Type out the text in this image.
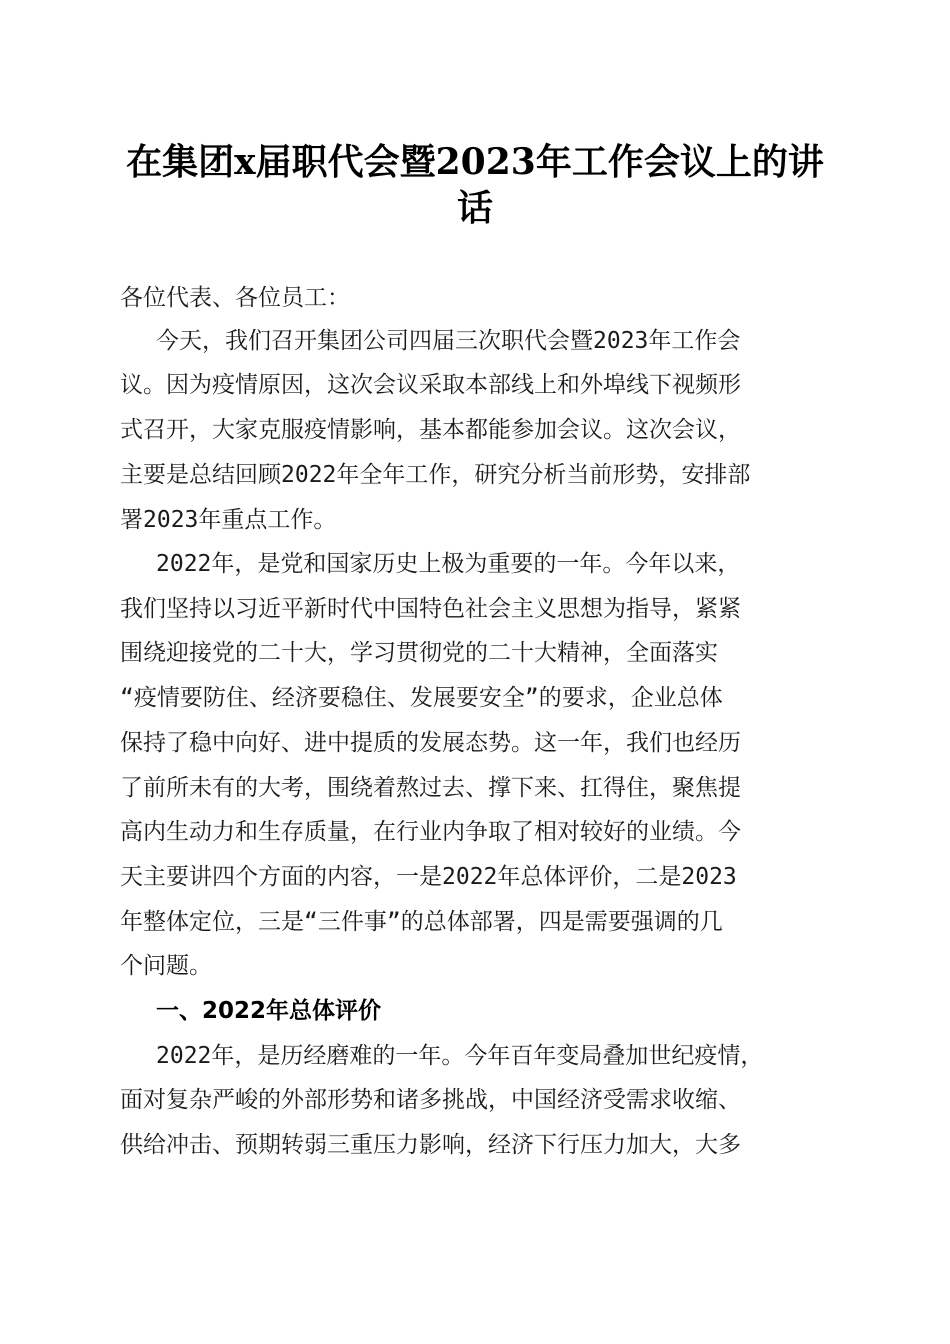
在集团x届职代会暨2023年工作会议上的讲
话

各位代表、各位员工：

今天，我们召开集团公司四届三次职代会暨2023年工作会

议。因为疫情原因，这次会议采取本部线上和外埠线下视频形

式召开，大家克服疫情影响，基本都能参加会议。这次会议，

主要是总结回顾2022年全年工作，研究分析当前形势，安排部

署2023年重点工作。

2022年，是党和国家历史上极为重要的一年。今年以来，

我们坚持以习近平新时代中国特色社会主义思想为指导，紧紧

围绕迎接党的二十大，学习贯彻党的二十大精神，全面落实

“疫情要防住、经济要稳住、发展要安全”的要求，企业总体

保持了稳中向好、进中提质的发展态势。这一年，我们也经历

了前所未有的大考，围绕着熬过去、撑下来、扛得住，聚焦提

高内生动力和生存质量，在行业内争取了相对较好的业绩。今

天主要讲四个方面的内容，一是2022年总体评价，二是2023

年整体定位，三是“三件事”的总体部署，四是需要强调的几

个问题。

一、2022年总体评价

2022年，是历经磨难的一年。今年百年变局叠加世纪疫情，

面对复杂严峻的外部形势和诸多挑战，中国经济受需求收缩、

供给冲击、预期转弱三重压力影响，经济下行压力加大，大多
